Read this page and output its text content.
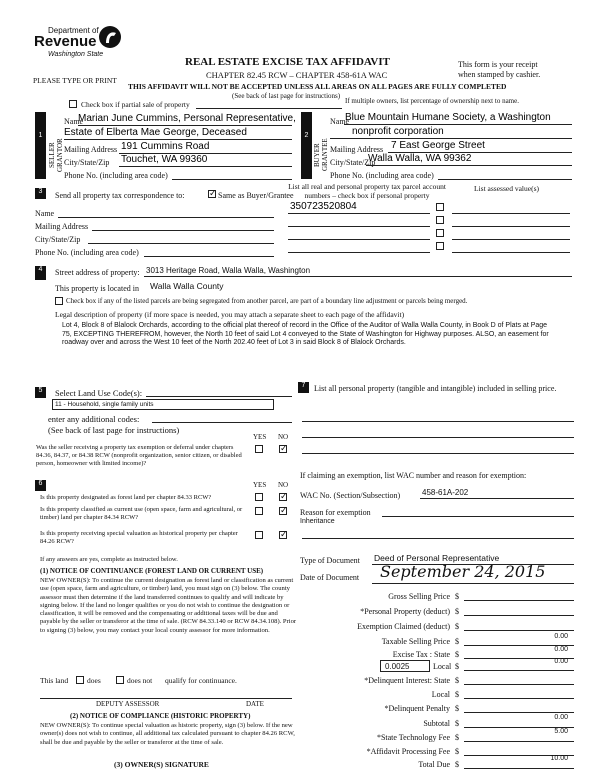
Department of
Revenue
Washington State
REAL ESTATE EXCISE TAX AFFIDAVIT
CHAPTER 82.45 RCW – CHAPTER 458-61A WAC
THIS AFFIDAVIT WILL NOT BE ACCEPTED UNLESS ALL AREAS ON ALL PAGES ARE FULLY COMPLETED
(See back of last page for instructions)
PLEASE TYPE OR PRINT
This form is your receipt
when stamped by cashier.
Check box if partial sale of property	If multiple owners, list percentage of ownership next to name.
1
SELLER GRANTOR
Name
Marian June Cummins, Personal Representative,
Estate of Elberta Mae George, Deceased
Mailing Address 191 Cummins Road
City/State/Zip Touchet, WA 99360
Phone No. (including area code)
2
BUYER GRANTEE
Name
Blue Mountain Humane Society, a Washington
nonprofit corporation
Mailing Address 7 East George Street
City/State/Zip
Walla Walla, WA 99362
Phone No. (including area code)
3	Send all property tax correspondence to:
✓	Same as Buyer/Grantee
List all real and personal property tax parcel account numbers – check box if personal property
List assessed value(s)
350723520804
Name
Mailing Address
City/State/Zip
Phone No. (including area code)
4	Street address of property: 3013 Heritage Road, Walla Walla, Washington
This property is located in Walla Walla County
Check box if any of the listed parcels are being segregated from another parcel, are part of a boundary line adjustment or parcels being merged.
Legal description of property (if more space is needed, you may attach a separate sheet to each page of the affidavit)
Lot 4, Block 8 of Blalock Orchards, according to the official plat thereof of record in the Office of the Auditor of Walla Walla County, in Book D of Plats at Page 75, EXCEPTING THEREFROM, however, the North 10 feet of said Lot 4 conveyed to the State of Washington for Highway purposes. ALSO, an easement for roadway over and across the West 10 feet of the North 202.40 feet of Lot 3 in said Block 8 of Blalock Orchards.
5	Select Land Use Code(s):
11 - Household, single family units
enter any additional codes:
(See back of last page for instructions)
YES NO
Was the seller receiving a property tax exemption or deferral under chapters 84.36, 84.37, or 84.38 RCW (nonprofit organization, senior citizen, or disabled person, homeowner with limited income)?
✓
6	YES NO
Is this property designated as forest land per chapter 84.33 RCW?
✓
Is this property classified as current use (open space, farm and agricultural, or timber) land per chapter 84.34 RCW?
✓
Is this property receiving special valuation as historical property per chapter 84.26 RCW?
✓
If any answers are yes, complete as instructed below.
(1) NOTICE OF CONTINUANCE (FOREST LAND OR CURRENT USE)
NEW OWNER(S): To continue the current designation as forest land or classification as current use (open space, farm and agriculture, or timber) land, you must sign on (3) below. The county assessor must then determine if the land transferred continues to qualify and will indicate by signing below. If the land no longer qualifies or you do not wish to continue the designation or classification, it will be removed and the compensating or additional taxes will be due and payable by the seller or transferor at the time of sale. (RCW 84.33.140 or RCW 84.34.108). Prior to signing (3) below, you may contact your local county assessor for more information.
This land	does	does not qualify for continuance.
DEPUTY ASSESSOR	DATE
(2) NOTICE OF COMPLIANCE (HISTORIC PROPERTY)
NEW OWNER(S): To continue special valuation as historic property, sign (3) below. If the new owner(s) does not wish to continue, all additional tax calculated pursuant to chapter 84.26 RCW, shall be due and payable by the seller or transferor at the time of sale.
(3) OWNER(S) SIGNATURE
7	List all personal property (tangible and intangible) included in selling price.
If claiming an exemption, list WAC number and reason for exemption:
WAC No. (Section/Subsection)	458-61A-202
Reason for exemption
Inheritance
Type of Document Deed of Personal Representative
Date of Document September 24, 2015
Gross Selling Price $
*Personal Property (deduct) $
Exemption Claimed (deduct) $
Taxable Selling Price $
0.00
Excise Tax : State $
0.00
0.0025	Local $
0.00
*Delinquent Interest: State $
Local $
*Delinquent Penalty $
Subtotal $
0.00
*State Technology Fee $
5.00
*Affidavit Processing Fee $
Total Due $
10.00
